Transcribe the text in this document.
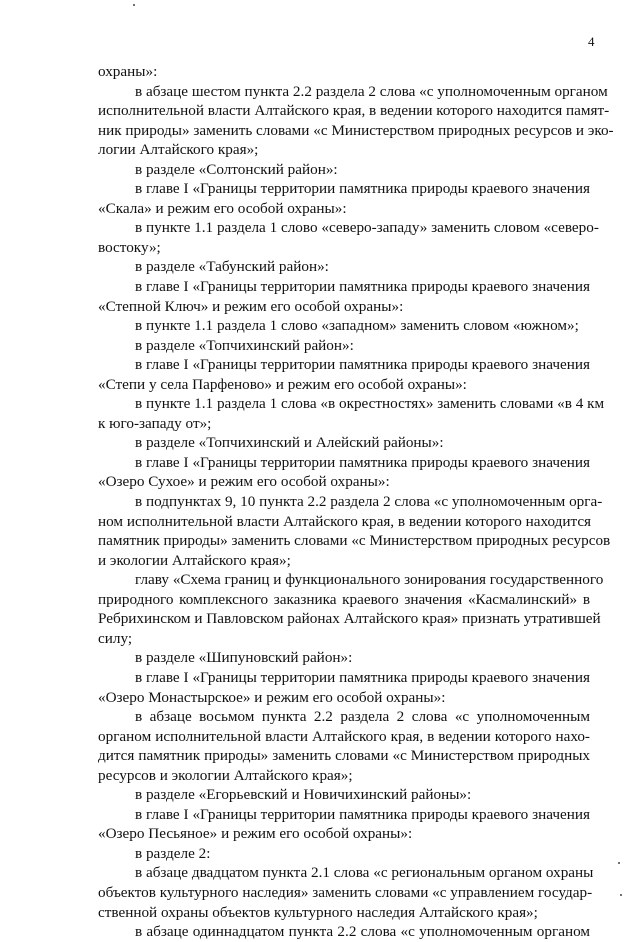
4
охраны»:
в абзаце шестом пункта 2.2 раздела 2 слова «с уполномоченным органом
исполнительной власти Алтайского края, в ведении которого находится памят-
ник природы» заменить словами «с Министерством природных ресурсов и эко-
логии Алтайского края»;
в разделе «Солтонский район»:
в главе I «Границы территории памятника природы краевого значения
«Скала» и режим его особой охраны»:
в пункте 1.1 раздела 1 слово «северо-западу» заменить словом «северо-
востоку»;
в разделе «Табунский район»:
в главе I «Границы территории памятника природы краевого значения
«Степной Ключ» и режим его особой охраны»:
в пункте 1.1 раздела 1 слово «западном» заменить словом «южном»;
в разделе «Топчихинский район»:
в главе I «Границы территории памятника природы краевого значения
«Степи у села Парфеново» и режим его особой охраны»:
в пункте 1.1 раздела 1 слова «в окрестностях» заменить словами «в 4 км
к юго-западу от»;
в разделе «Топчихинский и Алейский районы»:
в главе I «Границы территории памятника природы краевого значения
«Озеро Сухое» и режим его особой охраны»:
в подпунктах 9, 10 пункта 2.2 раздела 2 слова «с уполномоченным орга-
ном исполнительной власти Алтайского края, в ведении которого находится
памятник природы» заменить словами «с Министерством природных ресурсов
и экологии Алтайского края»;
главу «Схема границ и функционального зонирования государственного
природного комплексного заказника краевого значения «Касмалинский» в
Ребрихинском и Павловском районах Алтайского края» признать утратившей
силу;
в разделе «Шипуновский район»:
в главе I «Границы территории памятника природы краевого значения
«Озеро Монастырское» и режим его особой охраны»:
в абзаце восьмом пункта 2.2 раздела 2 слова «с уполномоченным
органом исполнительной власти Алтайского края, в ведении которого нахо-
дится памятник природы» заменить словами «с Министерством природных
ресурсов и экологии Алтайского края»;
в разделе «Егорьевский и Новичихинский районы»:
в главе I «Границы территории памятника природы краевого значения
«Озеро Песьяное» и режим его особой охраны»:
в разделе 2:
в абзаце двадцатом пункта 2.1 слова «с региональным органом охраны
объектов культурного наследия» заменить словами «с управлением государ-
ственной охраны объектов культурного наследия Алтайского края»;
в абзаце одиннадцатом пункта 2.2 слова «с уполномоченным органом
